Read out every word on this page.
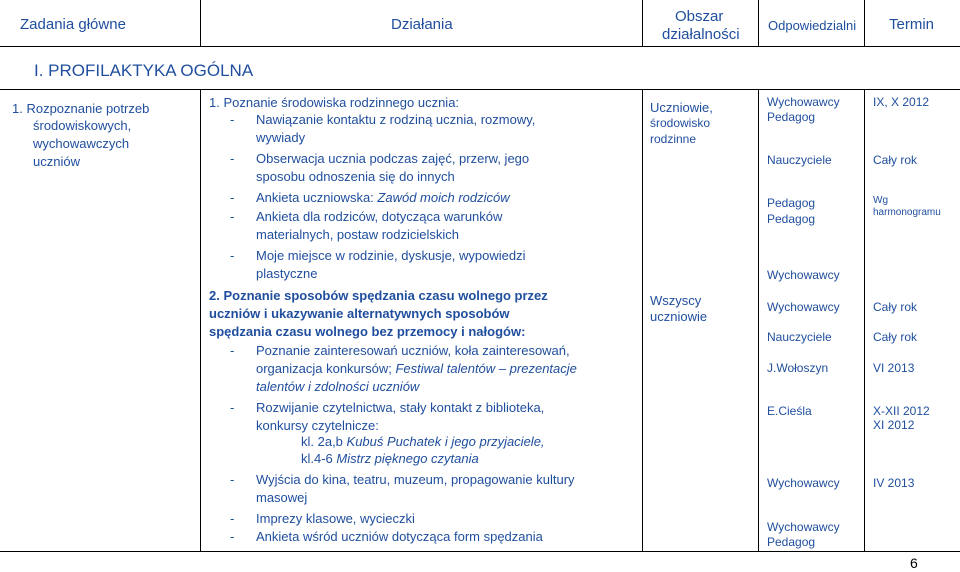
Zadania główne	Działania	Obszar
działalności
Odpowiedzialni Termin
I. PROFILAKTYKA OGÓLNA
1. Rozpoznanie potrzeb
środowiskowych,
wychowawczych
uczniów
1. Poznanie środowiska rodzinnego ucznia:
- Nawiązanie kontaktu z rodziną ucznia, rozmowy,
wywiady
- Obserwacja ucznia podczas zajęć, przerw, jego
sposobu odnoszenia się do innych
- Ankieta uczniowska: Zawód moich rodziców
- Ankieta dla rodziców, dotycząca warunków
materialnych, postaw rodzicielskich
- Moje miejsce w rodzinie, dyskusje, wypowiedzi
plastyczne
2. Poznanie sposobów spędzania czasu wolnego przez
uczniów i ukazywanie alternatywnych sposobów
spędzania czasu wolnego bez przemocy i nałogów:
- Poznanie zainteresowań uczniów, koła zainteresowań,
organizacja konkursów; Festiwal talentów – prezentacje
talentów i zdolności uczniów
- Rozwijanie czytelnictwa, stały kontakt z biblioteka,
konkursy czytelnicze:
kl. 2a,b Kubuś Puchatek i jego przyjaciele,
kl.4-6 Mistrz pięknego czytania
- Wyjścia do kina, teatru, muzeum, propagowanie kultury
masowej
- Imprezy klasowe, wycieczki
- Ankieta wśród uczniów dotycząca form spędzania
Uczniowie,
środowisko
rodzinne
Wszyscy
uczniowie
Wychowawcy
Pedagog
Nauczyciele
Pedagog
Pedagog
Wychowawcy
Wychowawcy
Nauczyciele
J.Wołoszyn
E.Cieśla
Wychowawcy
Wychowawcy
Pedagog
IX, X 2012
Cały rok
Wg
harmonogramu
Cały rok
Cały rok
VI 2013
X-XII 2012
XI 2012
IV 2013
6
